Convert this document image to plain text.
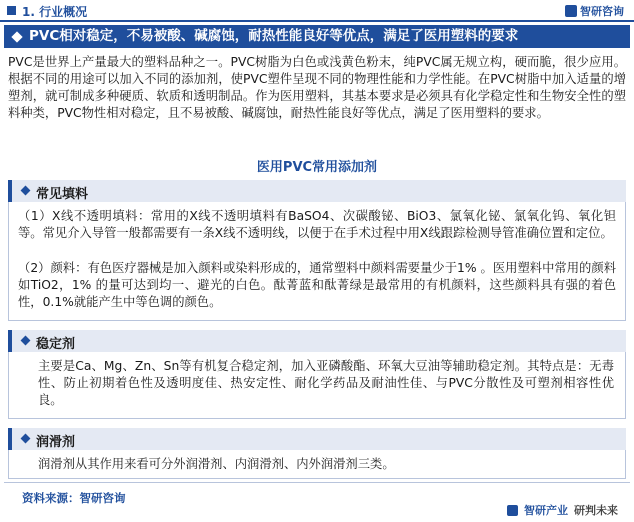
1. 行业概况	智研咨询
PVC相对稳定，不易被酸、碱腐蚀，耐热性能良好等优点，满足了医用塑料的要求
PVC是世界上产量最大的塑料品种之一。PVC树脂为白色或浅黄色粉末，纯PVC属无规立构，硬而脆，很少应用。根据不同的用途可以加入不同的添加剂，使PVC塑件呈现不同的物理性能和力学性能。在PVC树脂中加入适量的增塑剂，就可制成多种硬质、软质和透明制品。作为医用塑料，其基本要求是必须具有化学稳定性和生物安全性的塑料种类，PVC物性相对稳定，且不易被酸、碱腐蚀，耐热性能良好等优点，满足了医用塑料的要求。
医用PVC常用添加剂
常见填料
（1）X线不透明填料：常用的X线不透明填料有BaSO4、次碳酸铋、BiO3、氯氧化铋、氯氧化钨、氧化钽等。常见介入导管一般都需要有一条X线不透明线，以便于在手术过程中用X线跟踪检测导管准确位置和定位。
（2）颜料：有色医疗器械是加入颜料或染料形成的，通常塑料中颜料需要量少于1% 。医用塑料中常用的颜料如TiO2，1% 的量可达到均一、避光的白色。酞菁蓝和酞菁绿是最常用的有机颜料，这些颜料具有强的着色性，0.1%就能产生中等色调的颜色。
稳定剂
主要是Ca、Mg、Zn、Sn等有机复合稳定剂，加入亚磷酸酯、环氧大豆油等辅助稳定剂。其特点是：无毒性、防止初期着色性及透明度佳、热安定性、耐化学药品及耐油性佳、与PVC分散性及可塑剂相容性优良。
润滑剂
润滑剂从其作用来看可分外润滑剂、内润滑剂、内外润滑剂三类。
资料来源：智研咨询
智研产业 研判未来
